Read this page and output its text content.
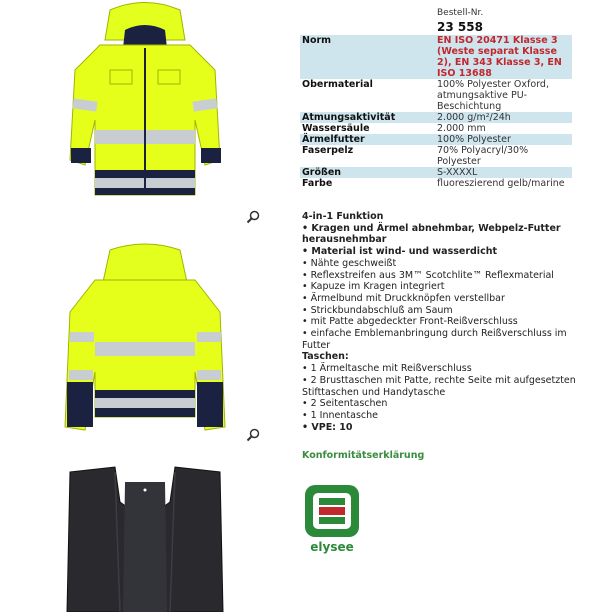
Bestell-Nr.
23 558
Norm	EN ISO 20471 Klasse 3 (Weste separat Klasse 2), EN 343 Klasse 3, EN ISO 13688
Obermaterial	100% Polyester Oxford, atmungsaktive PU-Beschichtung
Atmungsaktivität	2.000 g/m²/24h
Wassersäule	2.000 mm
Ärmelfutter	100% Polyester
Faserpelz	70% Polyacryl/30% Polyester
Größen	S-XXXXL
Farbe	fluoreszierend gelb/marine
4-in-1 Funktion
• Kragen und Ärmel abnehmbar, Webpelz-Futter herausnehmbar
• Material ist wind- und wasserdicht
• Nähte geschweißt
• Reflexstreifen aus 3M™ Scotchlite™ Reflexmaterial
• Kapuze im Kragen integriert
• Ärmelbund mit Druckknöpfen verstellbar
• Strickbundabschluß am Saum
• mit Patte abgedeckter Front-Reißverschluss
• einfache Emblemanbringung durch Reißverschluss im Futter
Taschen:
• 1 Ärmeltasche mit Reißverschluss
• 2 Brusttaschen mit Patte, rechte Seite mit aufgesetzten Stifttaschen und Handytasche
• 2 Seitentaschen
• 1 Innentasche
• VPE: 10
Konformitätserklärung
elysee
